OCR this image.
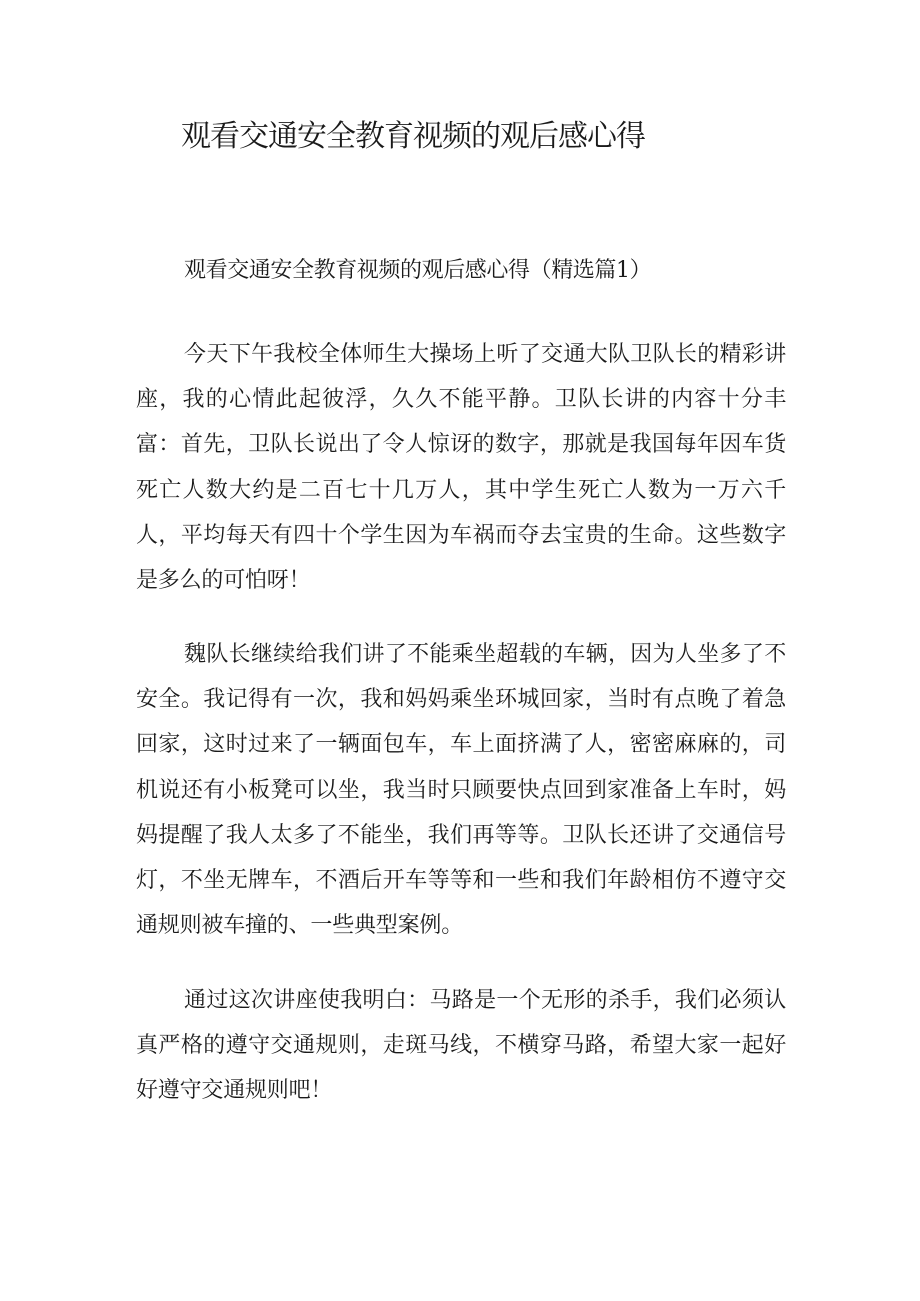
观看交通安全教育视频的观后感心得

观看交通安全教育视频的观后感心得（精选篇1）

今天下午我校全体师生大操场上听了交通大队卫队长的精彩讲座，我的心情此起彼浮，久久不能平静。卫队长讲的内容十分丰富：首先，卫队长说出了令人惊讶的数字，那就是我国每年因车货死亡人数大约是二百七十几万人，其中学生死亡人数为一万六千人，平均每天有四十个学生因为车祸而夺去宝贵的生命。这些数字是多么的可怕呀！

魏队长继续给我们讲了不能乘坐超载的车辆，因为人坐多了不安全。我记得有一次，我和妈妈乘坐环城回家，当时有点晚了着急回家，这时过来了一辆面包车，车上面挤满了人，密密麻麻的，司机说还有小板凳可以坐，我当时只顾要快点回到家准备上车时，妈妈提醒了我人太多了不能坐，我们再等等。卫队长还讲了交通信号灯，不坐无牌车，不酒后开车等等和一些和我们年龄相仿不遵守交通规则被车撞的、一些典型案例。

通过这次讲座使我明白：马路是一个无形的杀手，我们必须认真严格的遵守交通规则，走斑马线，不横穿马路，希望大家一起好好遵守交通规则吧！
